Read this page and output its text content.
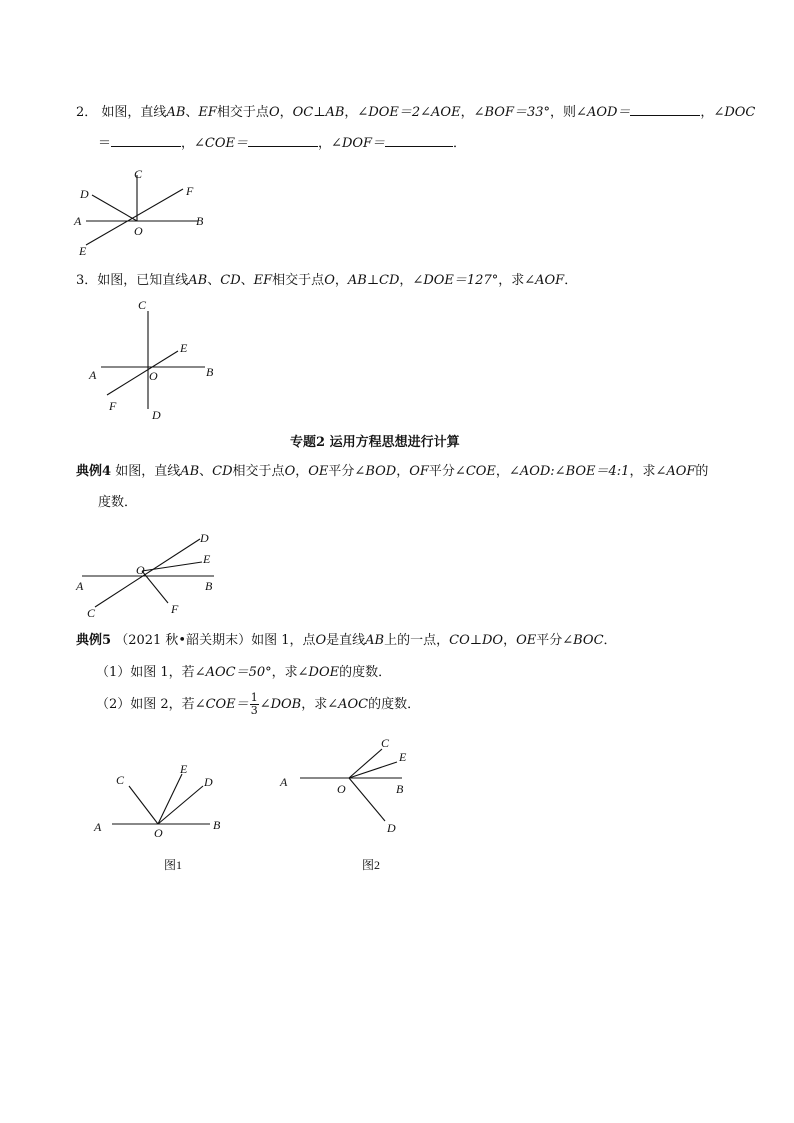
2． 如图，直线AB、EF相交于点O，OC⊥AB，∠DOE＝2∠AOE，∠BOF＝33°，则∠AOD＝	，∠DOC
＝	，∠COE＝	，∠DOF＝	．
C
D	F
A
O
B
E
3．如图，已知直线AB、CD、EF相交于点O，AB⊥CD，∠DOE＝127°，求∠AOF．
C
E
A	O	B
F
D
专题2 运用方程思想进行计算
典例4 如图，直线AB、CD相交于点O，OE平分∠BOD，OF平分∠COE，∠AOD:∠BOE＝4:1，求∠AOF的
度数．
D
E
O
A	B
C	F
典例5 （2021 秋•韶关期末）如图 1，点O是直线AB上的一点，CO⊥DO，OE平分∠BOC．
（1）如图 1，若∠AOC＝50°，求∠DOE的度数．
（2）如图 2，若∠COE＝ $\frac{1}{3}$ ∠DOB，求∠AOC的度数．
C
E
D
A	O
B
图1
C
E
A	O	B
D
图2
